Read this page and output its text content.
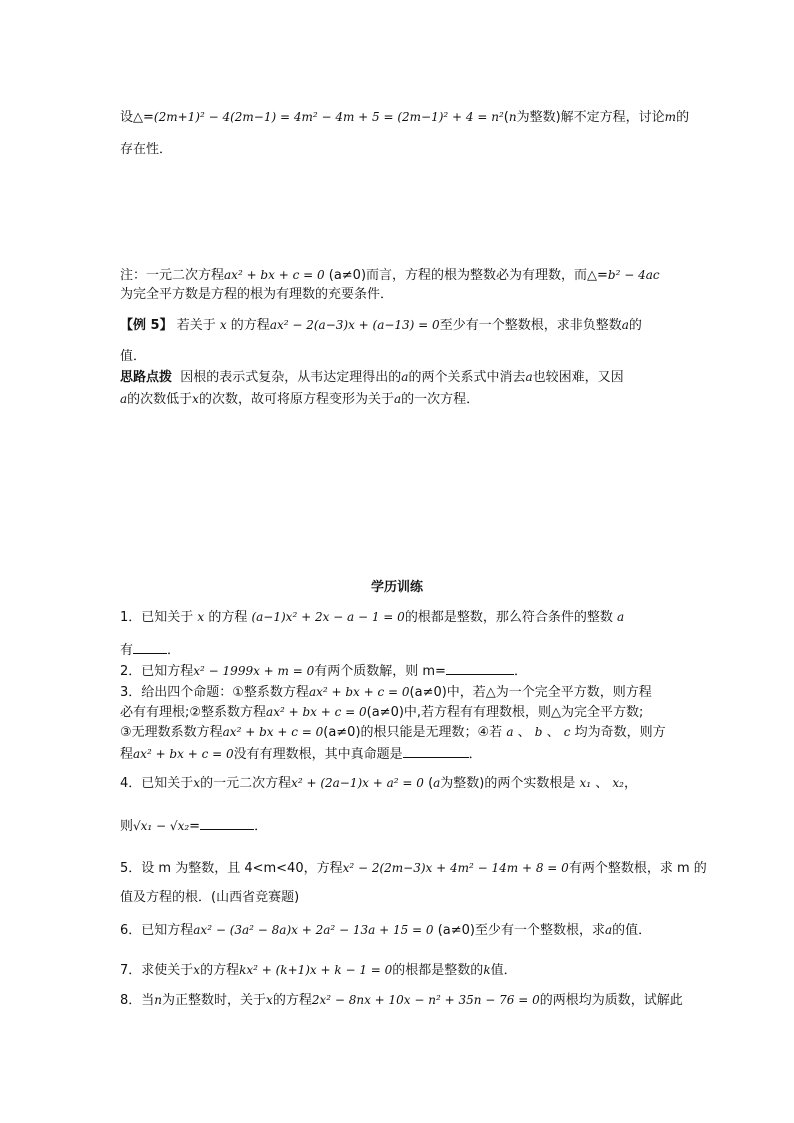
设△=(2m+1)² − 4(2m−1) = 4m² − 4m + 5 = (2m−1)² + 4 = n²(n为整数)解不定方程，讨论m的
存在性．
注：一元二次方程ax² + bx + c = 0 (a≠0)而言，方程的根为整数必为有理数，而△=b² − 4ac
为完全平方数是方程的根为有理数的充要条件．
【例 5】 若关于 x 的方程ax² − 2(a−3)x + (a−13) = 0至少有一个整数根，求非负整数a的
值．
思路点拨 因根的表示式复杂，从韦达定理得出的a的两个关系式中消去a也较困难，又因
a的次数低于x的次数，故可将原方程变形为关于a的一次方程．
学历训练
1．已知关于 x 的方程 (a−1)x² + 2x − a − 1 = 0的根都是整数，那么符合条件的整数 a
有	．
2．已知方程x² − 1999x + m = 0有两个质数解，则 m=	．
3．给出四个命题：①整系数方程ax² + bx + c = 0(a≠0)中，若△为一个完全平方数，则方程
必有有理根;②整系数方程ax² + bx + c = 0(a≠0)中,若方程有有理数根，则△为完全平方数;
③无理数系数方程ax² + bx + c = 0(a≠0)的根只能是无理数；④若 a 、 b 、 c 均为奇数，则方
程ax² + bx + c = 0没有有理数根，其中真命题是	．
4．已知关于x的一元二次方程x² + (2a−1)x + a² = 0 (a为整数)的两个实数根是 x₁ 、 x₂，
则√x₁ − √x₂=	．
5．设 m 为整数，且 4<m<40，方程x² − 2(2m−3)x + 4m² − 14m + 8 = 0有两个整数根，求 m 的
值及方程的根．(山西省竞赛题)
6．已知方程ax² − (3a² − 8a)x + 2a² − 13a + 15 = 0 (a≠0)至少有一个整数根，求a的值．
7．求使关于x的方程kx² + (k+1)x + k − 1 = 0的根都是整数的k值．
8．当n为正整数时，关于x的方程2x² − 8nx + 10x − n² + 35n − 76 = 0的两根均为质数，试解此
